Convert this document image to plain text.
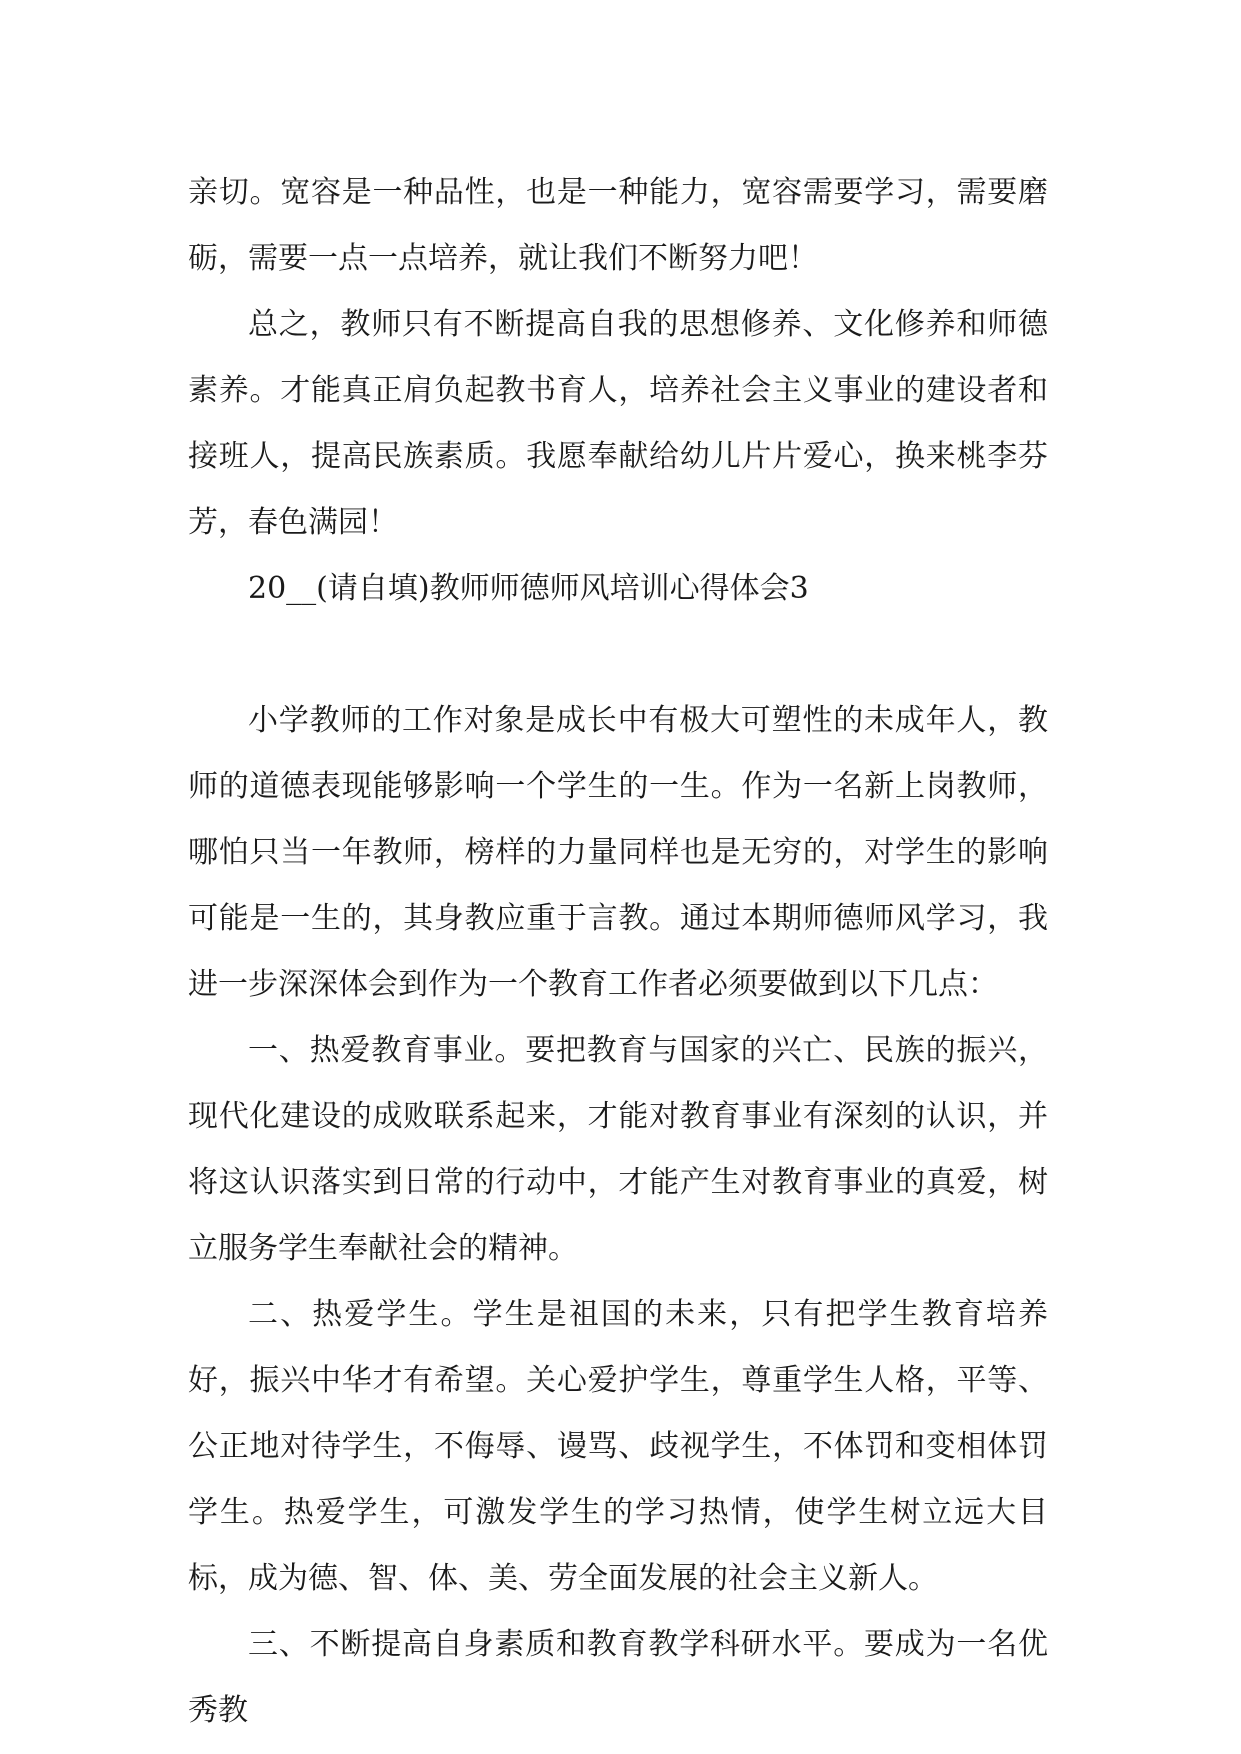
亲切。宽容是一种品性，也是一种能力，宽容需要学习，需要磨砺，需要一点一点培养，就让我们不断努力吧！

总之，教师只有不断提高自我的思想修养、文化修养和师德素养。才能真正肩负起教书育人，培养社会主义事业的建设者和接班人，提高民族素质。我愿奉献给幼儿片片爱心，换来桃李芬芳，春色满园！

20__(请自填)教师师德师风培训心得体会3

小学教师的工作对象是成长中有极大可塑性的未成年人，教师的道德表现能够影响一个学生的一生。作为一名新上岗教师，哪怕只当一年教师，榜样的力量同样也是无穷的，对学生的影响可能是一生的，其身教应重于言教。通过本期师德师风学习，我进一步深深体会到作为一个教育工作者必须要做到以下几点：

一、热爱教育事业。要把教育与国家的兴亡、民族的振兴，现代化建设的成败联系起来，才能对教育事业有深刻的认识，并将这认识落实到日常的行动中，才能产生对教育事业的真爱，树立服务学生奉献社会的精神。

二、热爱学生。学生是祖国的未来，只有把学生教育培养好，振兴中华才有希望。关心爱护学生，尊重学生人格，平等、公正地对待学生，不侮辱、谩骂、歧视学生，不体罚和变相体罚学生。热爱学生，可激发学生的学习热情，使学生树立远大目标，成为德、智、体、美、劳全面发展的社会主义新人。

三、不断提高自身素质和教育教学科研水平。要成为一名优秀教
